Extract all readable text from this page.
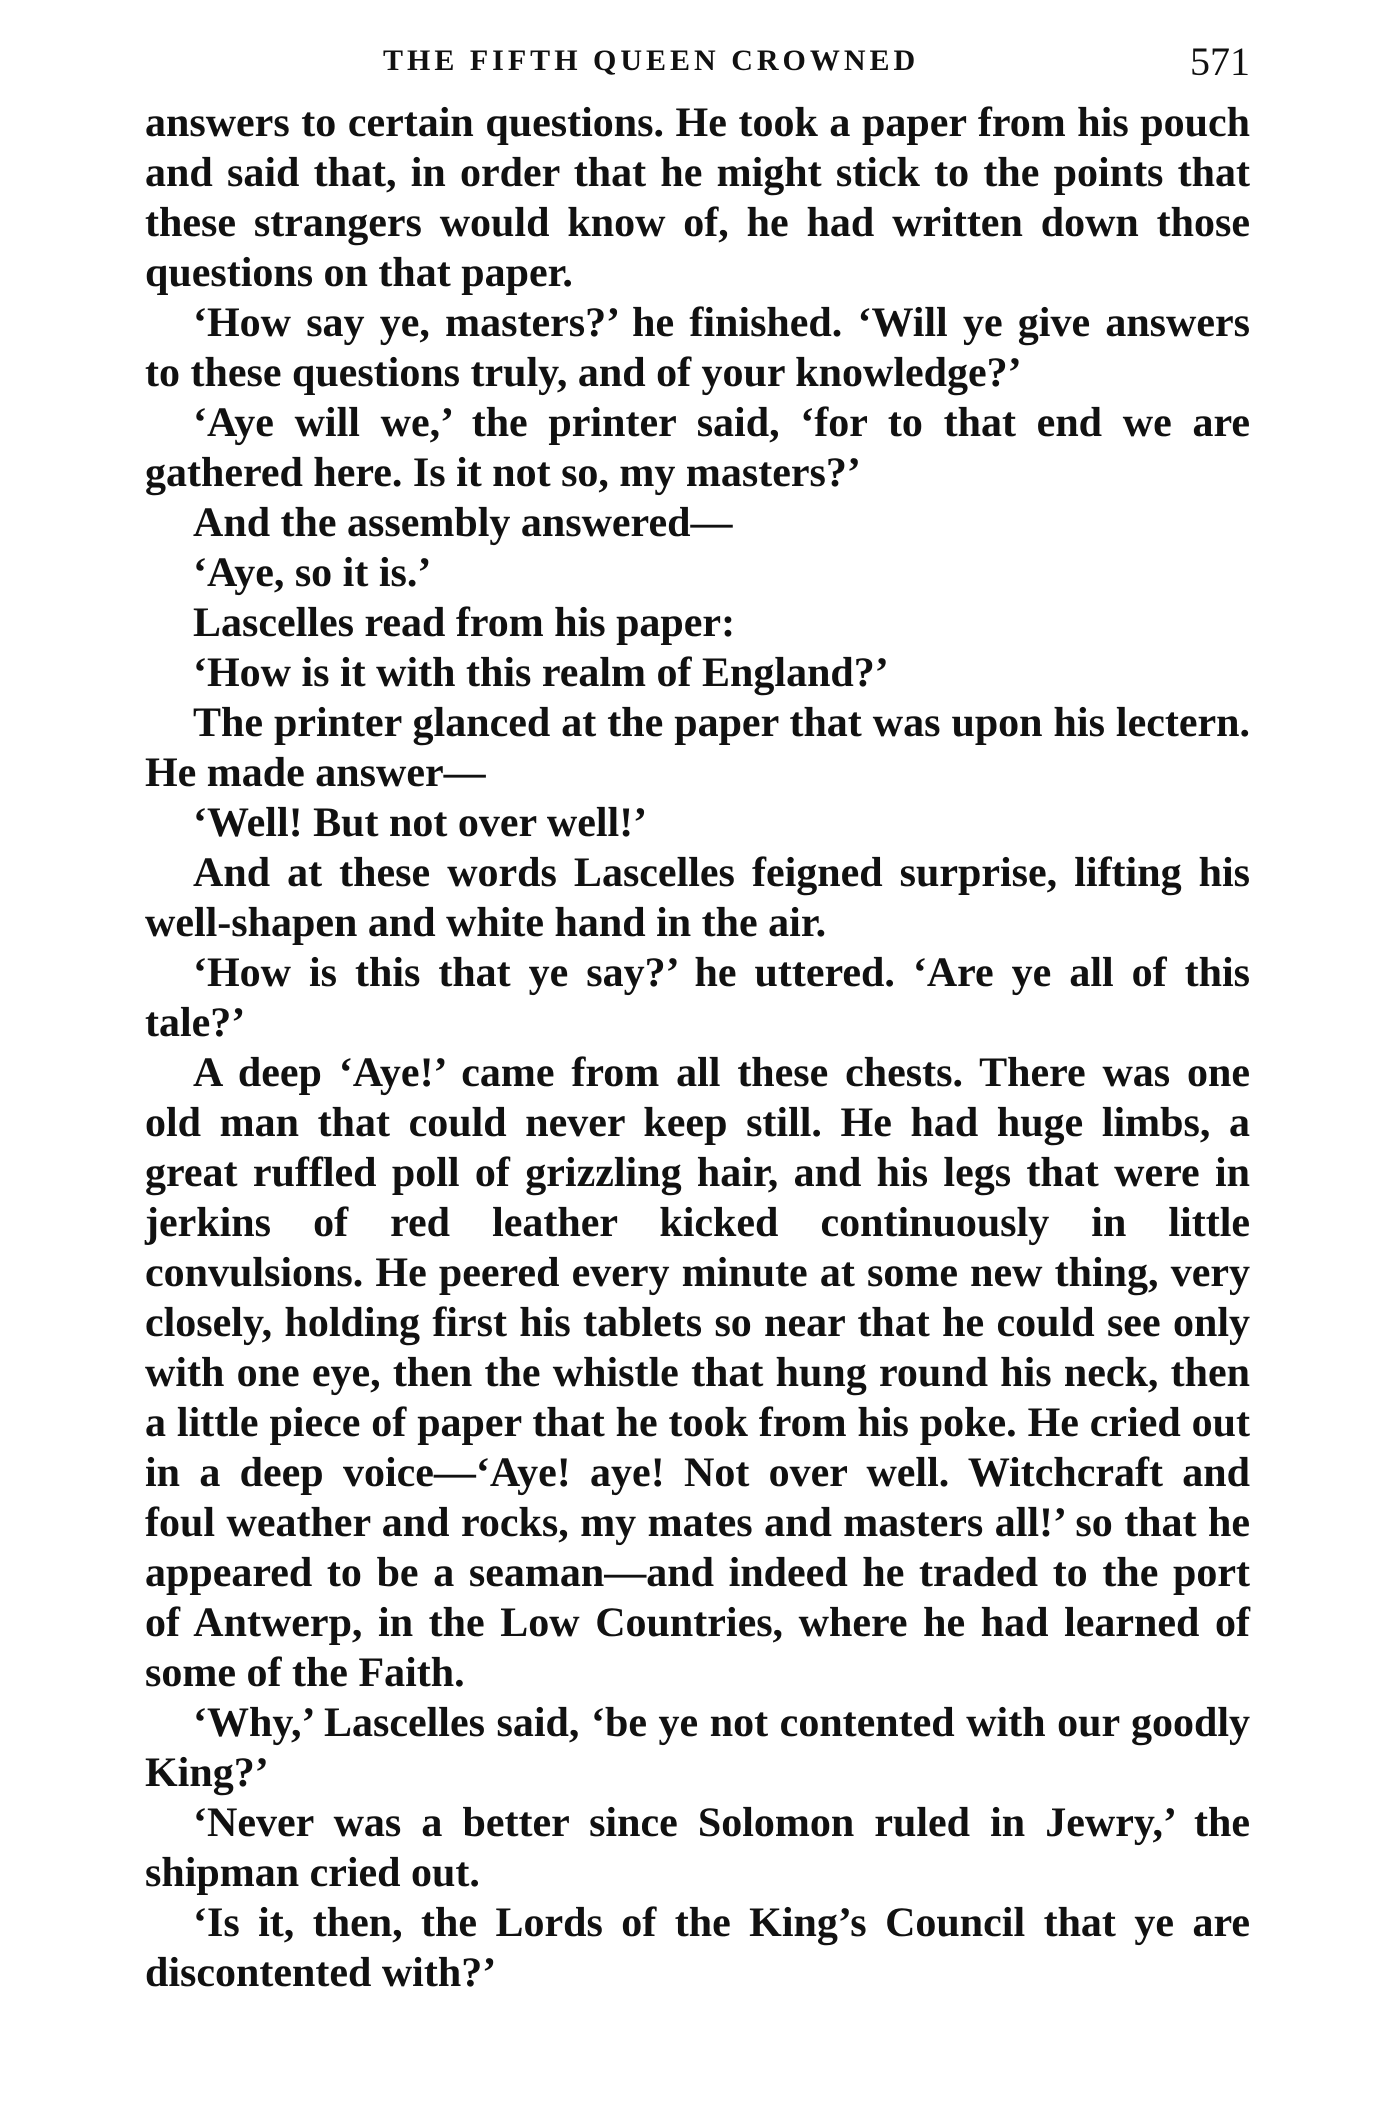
THE FIFTH QUEEN CROWNED	571

answers to certain questions. He took a paper from his pouch and said that, in order that he might stick to the points that these strangers would know of, he had written down those questions on that paper.

‘How say ye, masters?’ he finished. ‘Will ye give answers to these questions truly, and of your knowledge?’

‘Aye will we,’ the printer said, ‘for to that end we are gathered here. Is it not so, my masters?’

And the assembly answered—

‘Aye, so it is.’

Lascelles read from his paper:

‘How is it with this realm of England?’

The printer glanced at the paper that was upon his lectern. He made answer—

‘Well! But not over well!’

And at these words Lascelles feigned surprise, lifting his well-shapen and white hand in the air.

‘How is this that ye say?’ he uttered. ‘Are ye all of this tale?’

A deep ‘Aye!’ came from all these chests. There was one old man that could never keep still. He had huge limbs, a great ruffled poll of grizzling hair, and his legs that were in jerkins of red leather kicked continuously in little convulsions. He peered every minute at some new thing, very closely, holding first his tablets so near that he could see only with one eye, then the whistle that hung round his neck, then a little piece of paper that he took from his poke. He cried out in a deep voice—‘Aye! aye! Not over well. Witchcraft and foul weather and rocks, my mates and masters all!’ so that he appeared to be a seaman—and indeed he traded to the port of Antwerp, in the Low Countries, where he had learned of some of the Faith.

‘Why,’ Lascelles said, ‘be ye not contented with our goodly King?’

‘Never was a better since Solomon ruled in Jewry,’ the shipman cried out.

‘Is it, then, the Lords of the King’s Council that ye are discontented with?’
